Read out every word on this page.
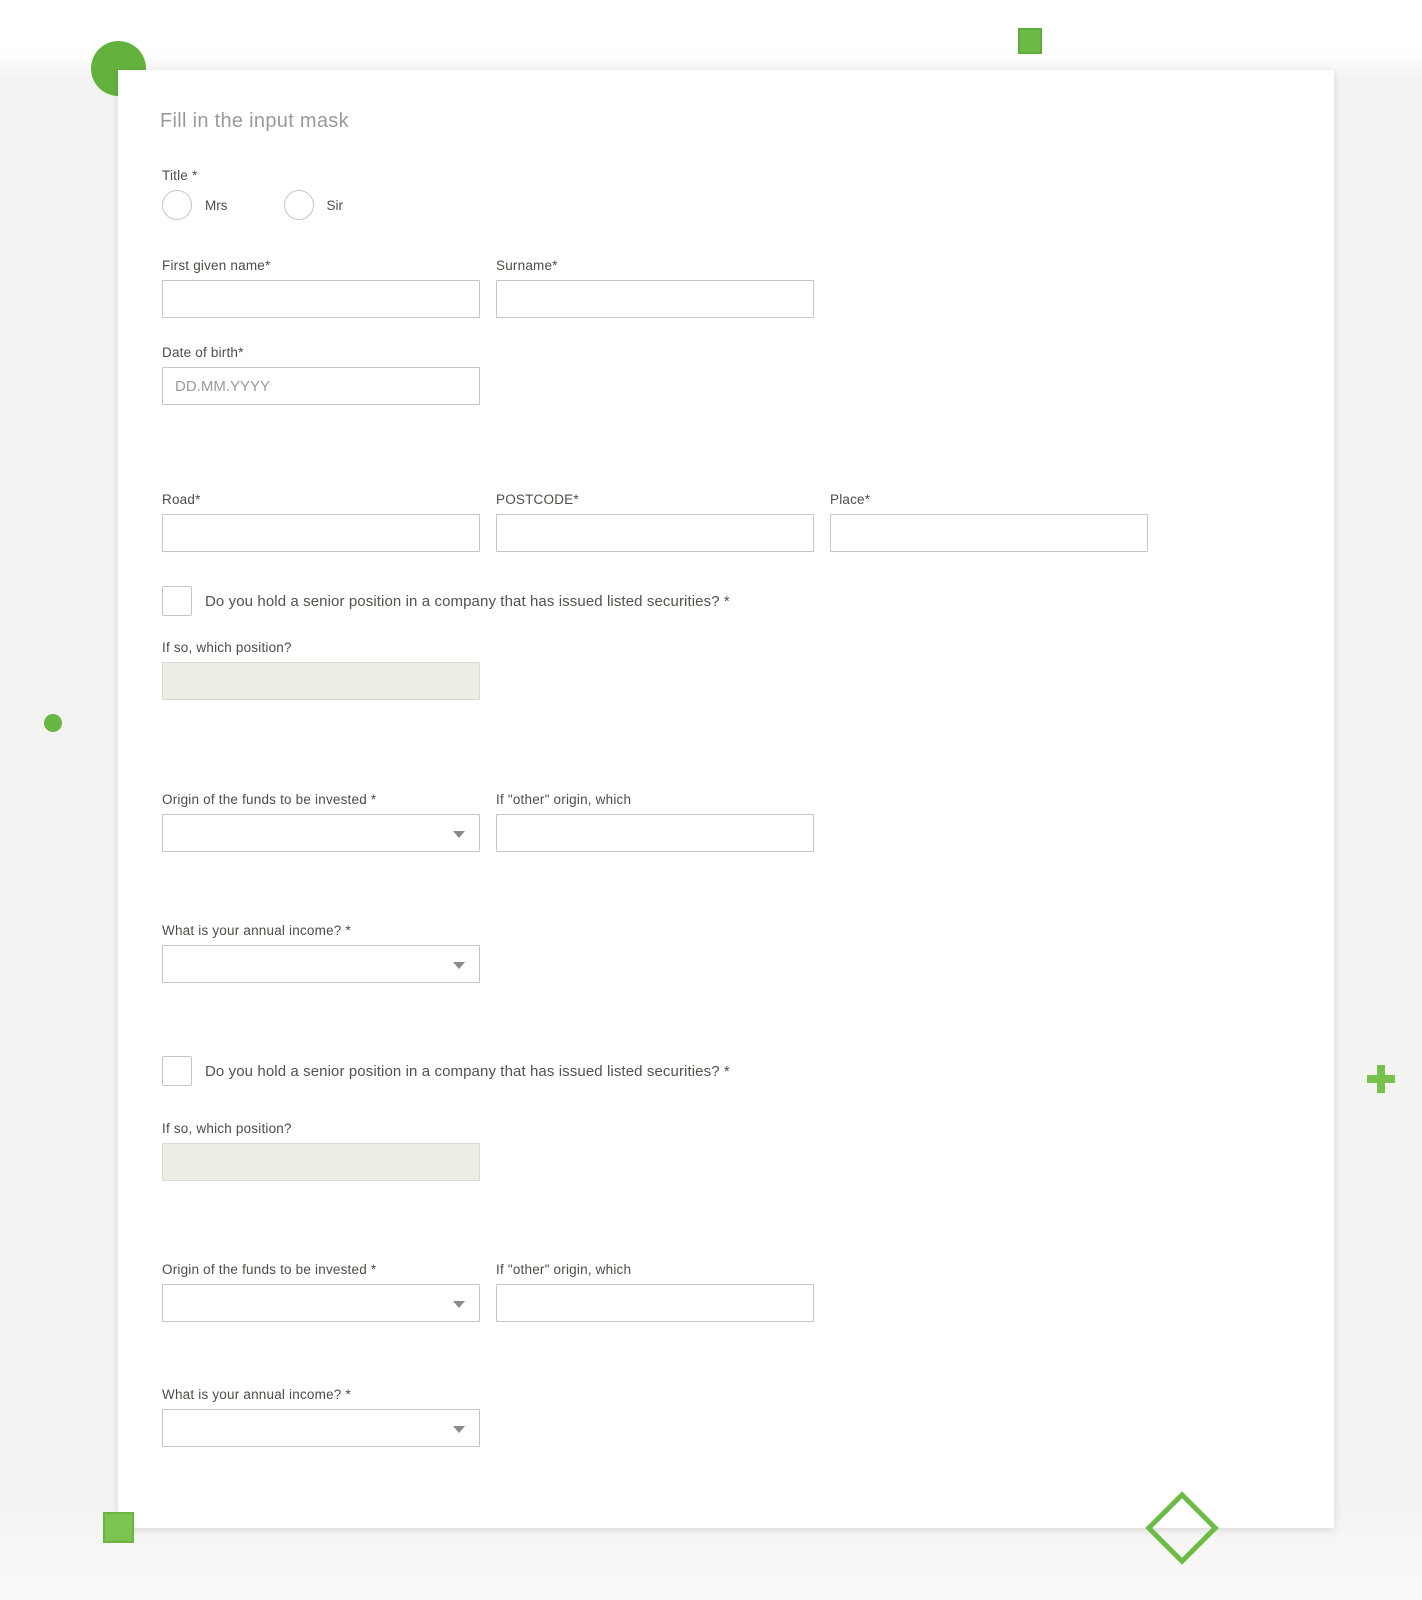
Fill in the input mask
Title *
Mrs	Sir
First given name*	Surname*
Date of birth*
DD.MM.YYYY
Road*	POSTCODE*	Place*
Do you hold a senior position in a company that has issued listed securities? *
If so, which position?
Origin of the funds to be invested *	If "other" origin, which
What is your annual income? *
Do you hold a senior position in a company that has issued listed securities? *
If so, which position?
Origin of the funds to be invested *	If "other" origin, which
What is your annual income? *
